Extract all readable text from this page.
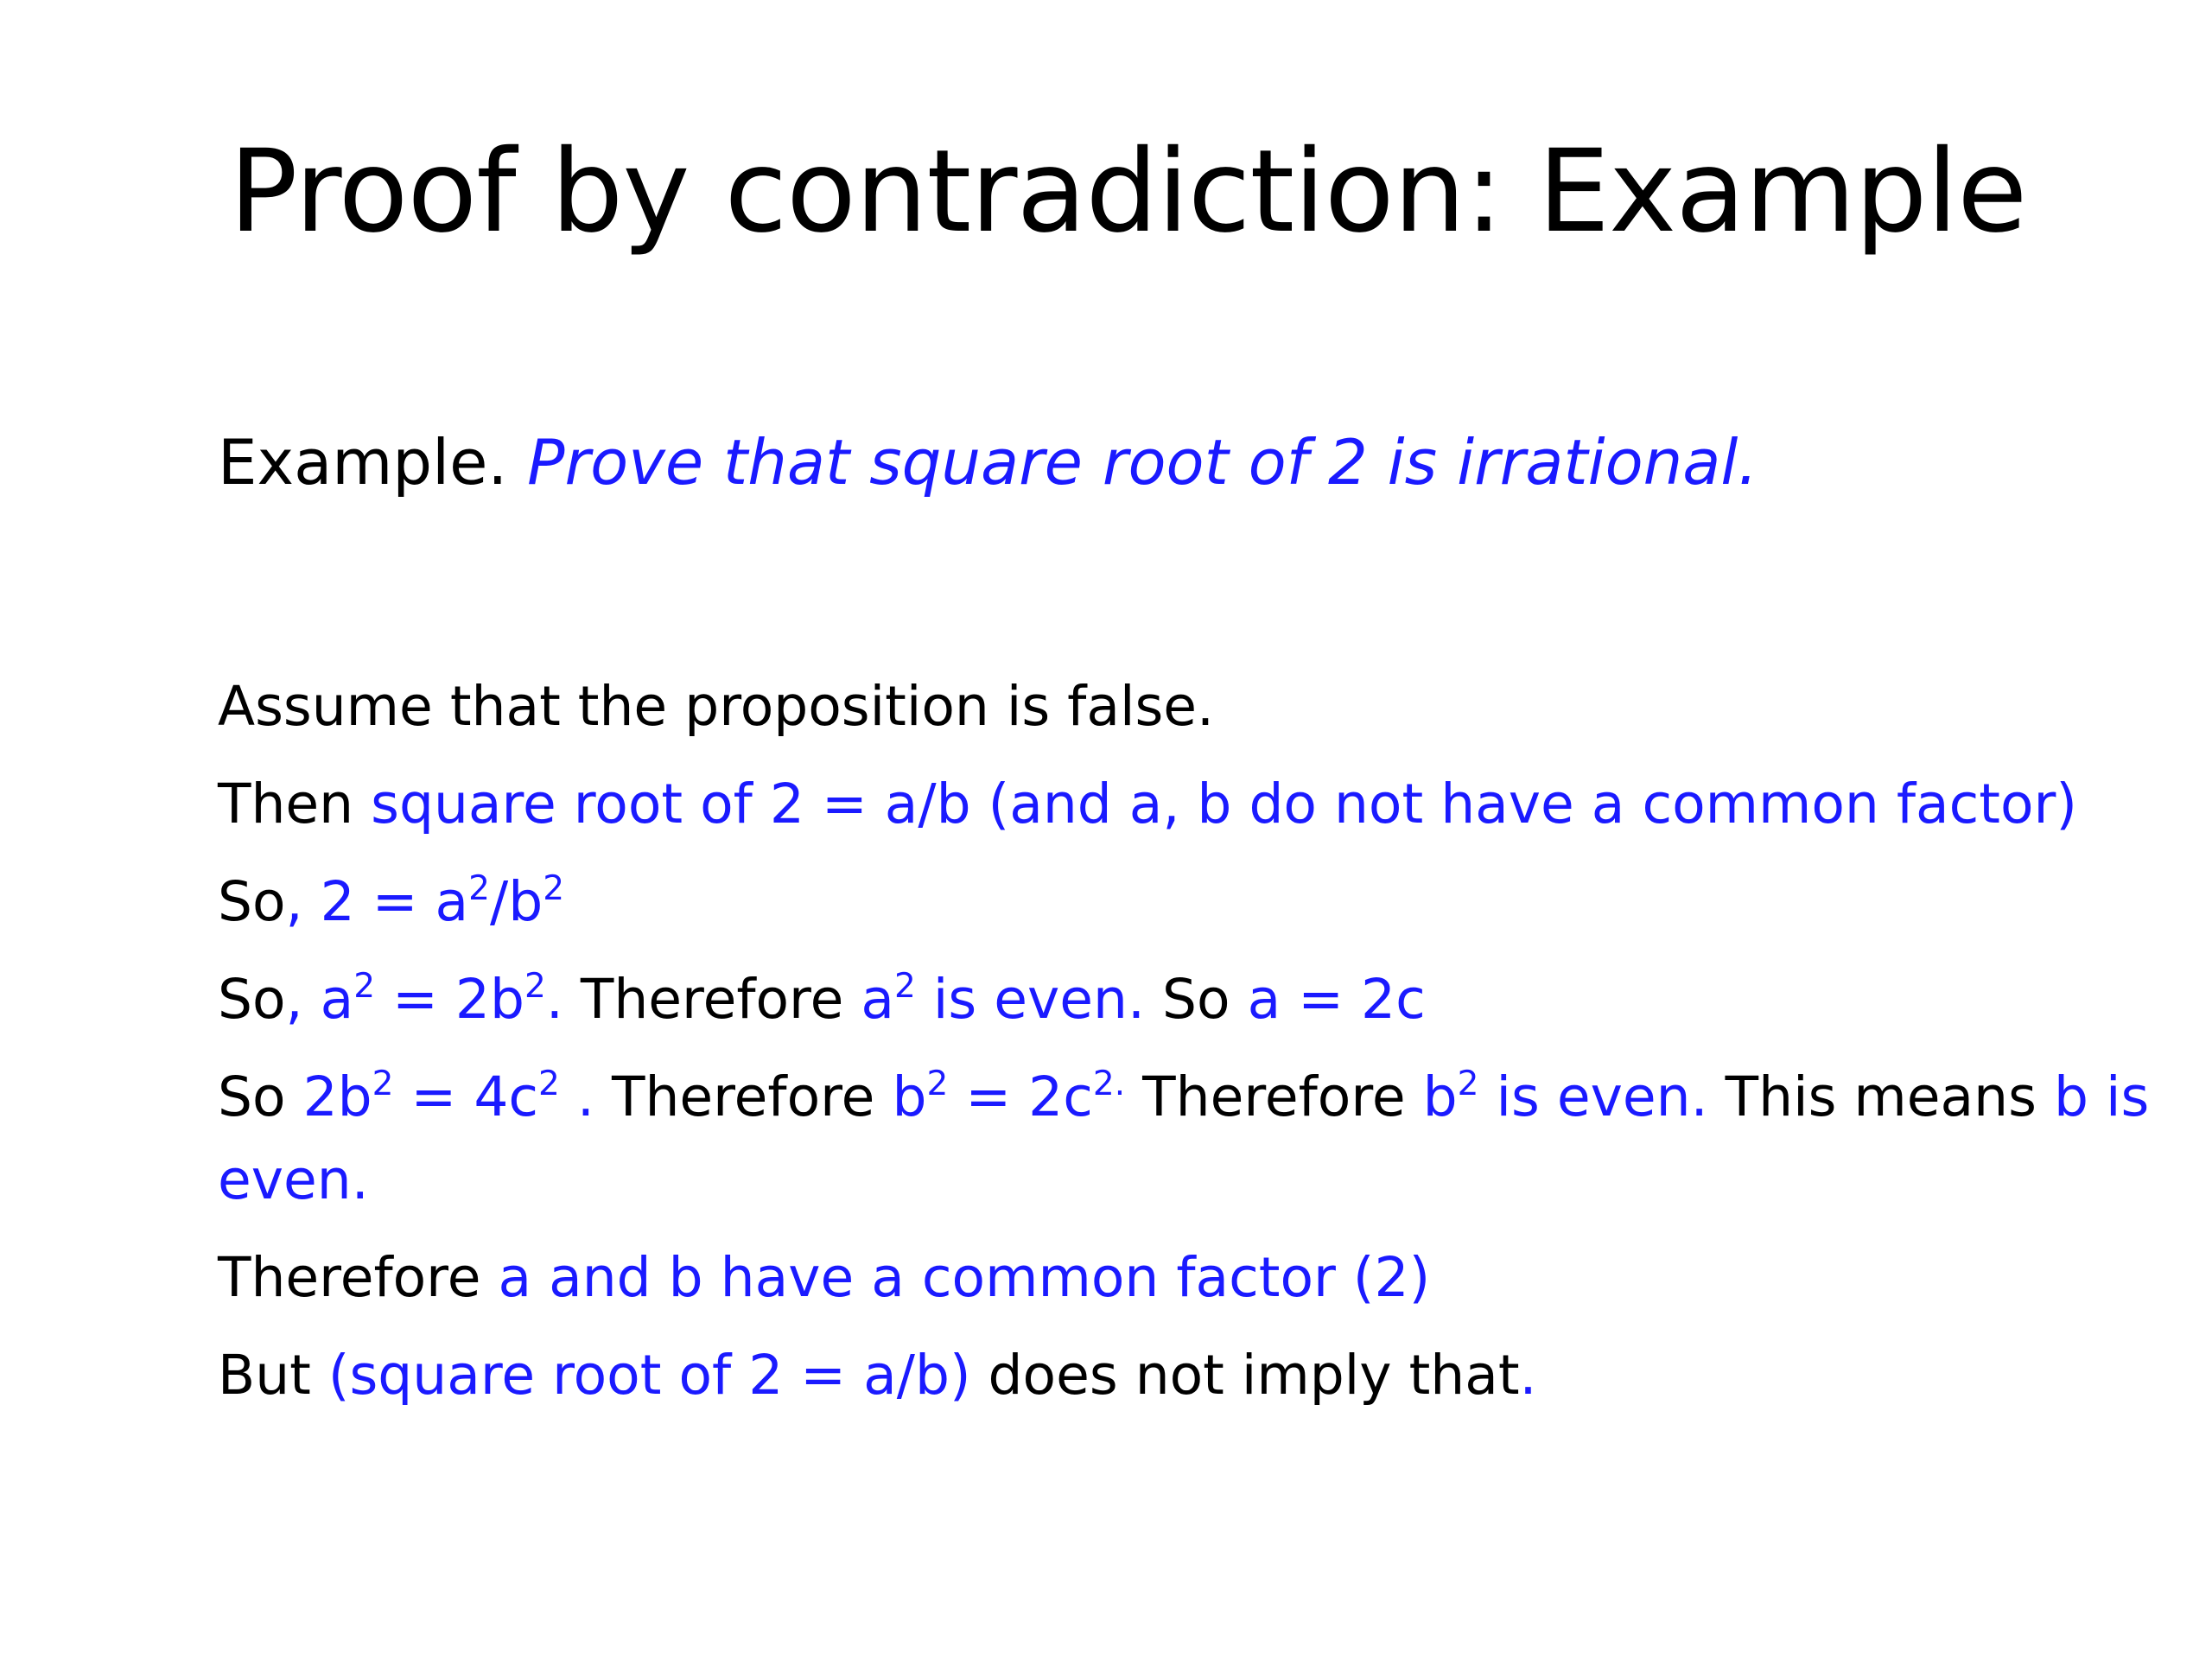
Proof by contradiction: Example

Example. Prove that square root of 2 is irrational.

Assume that the proposition is false.
Then square root of 2 = a/b (and a, b do not have a common factor)
So, $2 = a^2/b^2$
So, $a^2 = 2b^2$. Therefore $a^2$ is even. So a = 2c
So $2b^2 = 4c^2$ . Therefore $b^2 = 2c^{2.}$ Therefore $b^2$ is even. This means b is
even.
Therefore a and b have a common factor (2)
But (square root of 2 = a/b) does not imply that.
